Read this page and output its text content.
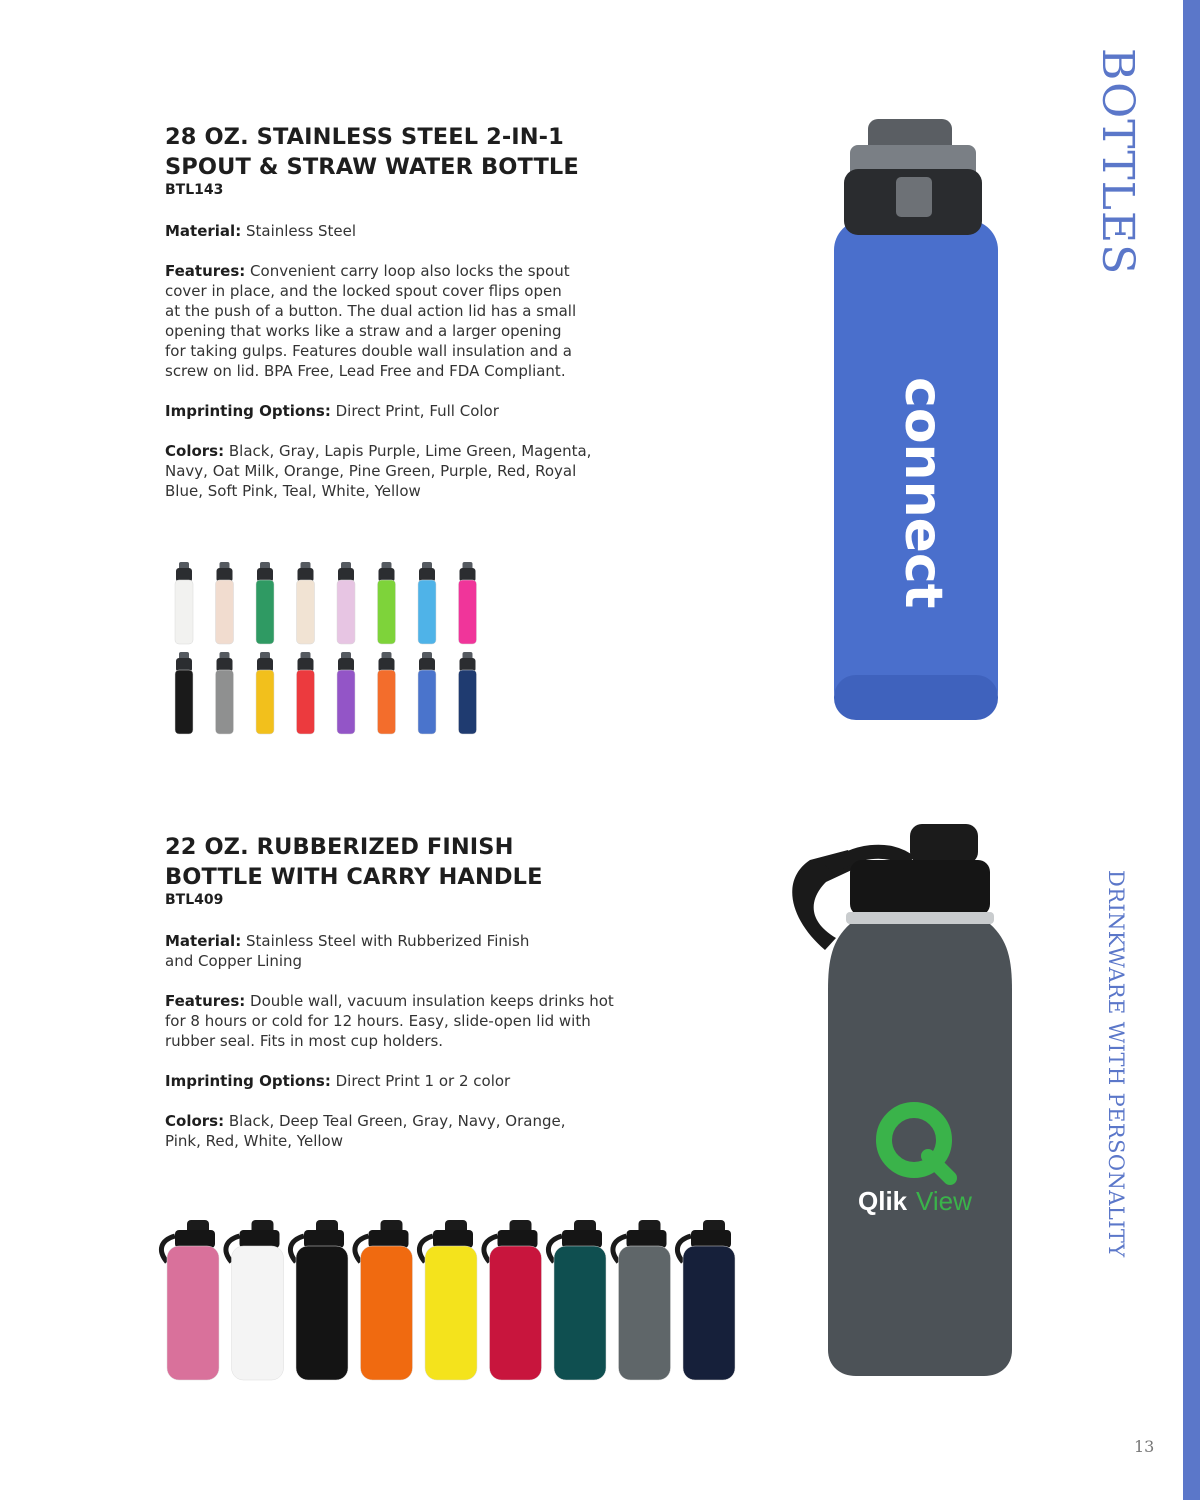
BOTTLES
DRINKWARE WITH PERSONALITY
13
28 OZ. STAINLESS STEEL 2-IN-1
SPOUT & STRAW WATER BOTTLE
BTL143

Material: Stainless Steel

Features: Convenient carry loop also locks the spout
cover in place, and the locked spout cover flips open
at the push of a button. The dual action lid has a small
opening that works like a straw and a larger opening
for taking gulps. Features double wall insulation and a
screw on lid. BPA Free, Lead Free and FDA Compliant.

Imprinting Options: Direct Print, Full Color

Colors: Black, Gray, Lapis Purple, Lime Green, Magenta,
Navy, Oat Milk, Orange, Pine Green, Purple, Red, Royal
Blue, Soft Pink, Teal, White, Yellow	connect
22 OZ. RUBBERIZED FINISH
BOTTLE WITH CARRY HANDLE
BTL409

Material: Stainless Steel with Rubberized Finish
and Copper Lining

Features: Double wall, vacuum insulation keeps drinks hot
for 8 hours or cold for 12 hours. Easy, slide-open lid with
rubber seal. Fits in most cup holders.

Imprinting Options: Direct Print 1 or 2 color

Colors: Black, Deep Teal Green, Gray, Navy, Orange,
Pink, Red, White, Yellow

Qlik View
